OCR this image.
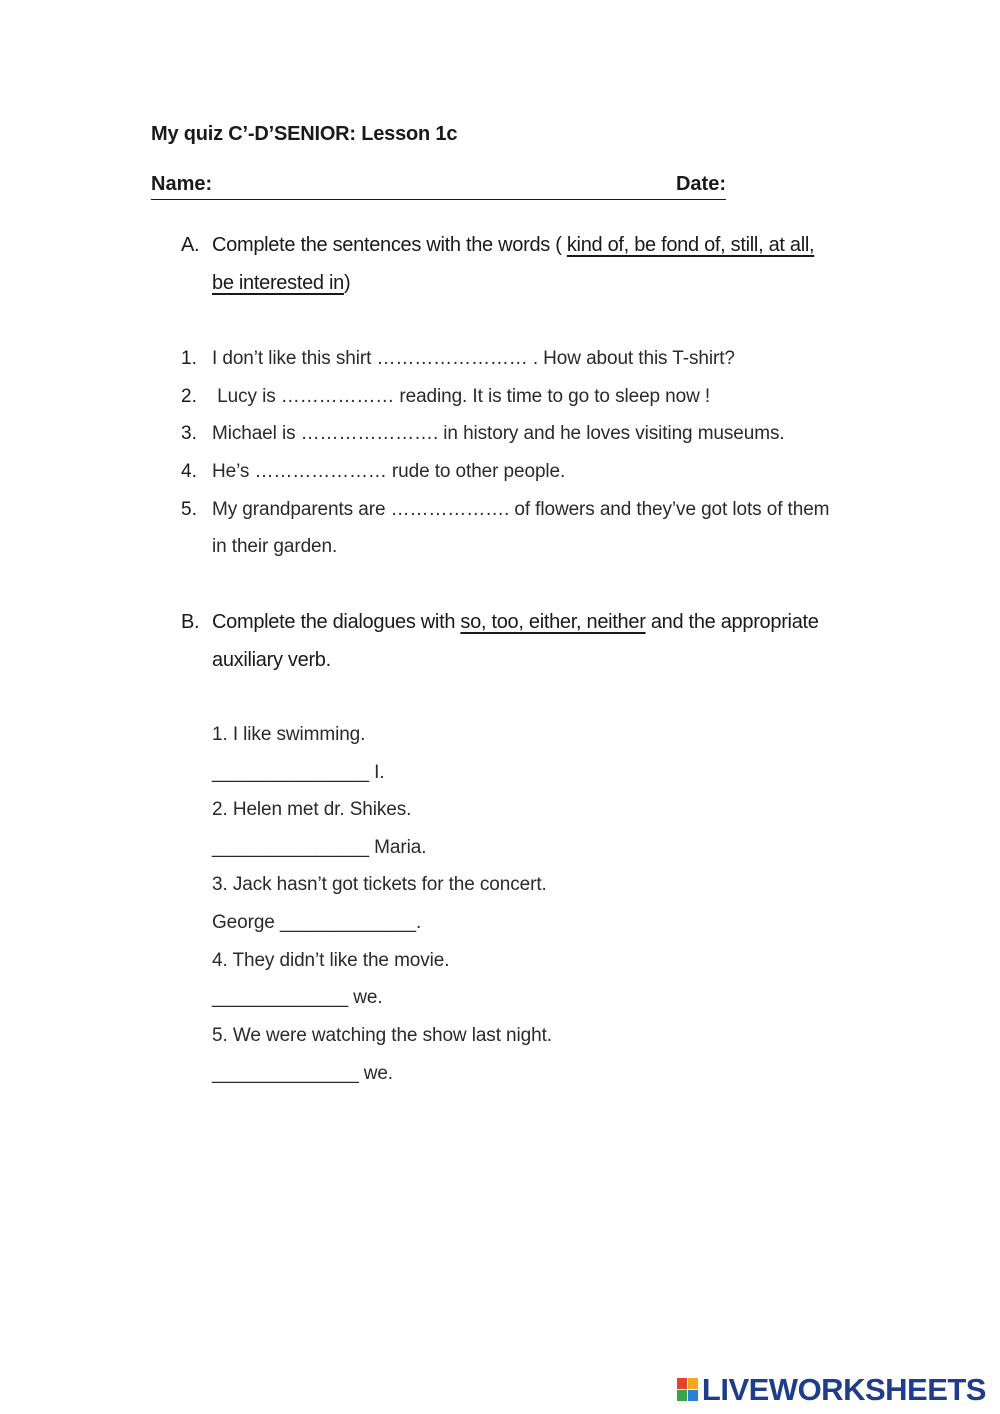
My quiz C’-D’SENIOR: Lesson 1c
Name:	Date:
A. Complete the sentences with the words ( kind of, be fond of, still, at all,
be interested in)
1. I don’t like this shirt …………………… . How about this T-shirt?
2. Lucy is ……………… reading. It is time to go to sleep now !
3. Michael is …………………. in history and he loves visiting museums.
4. He’s ………………… rude to other people.
5. My grandparents are ………………. of flowers and they’ve got lots of them
in their garden.
B. Complete the dialogues with so, too, either, neither and the appropriate
auxiliary verb.
1. I like swimming.
_______________ I.
2. Helen met dr. Shikes.
_______________ Maria.
3. Jack hasn’t got tickets for the concert.
George _____________.
4. They didn’t like the movie.
_____________ we.
5. We were watching the show last night.
______________ we.
LIVEWORKSHEETS
